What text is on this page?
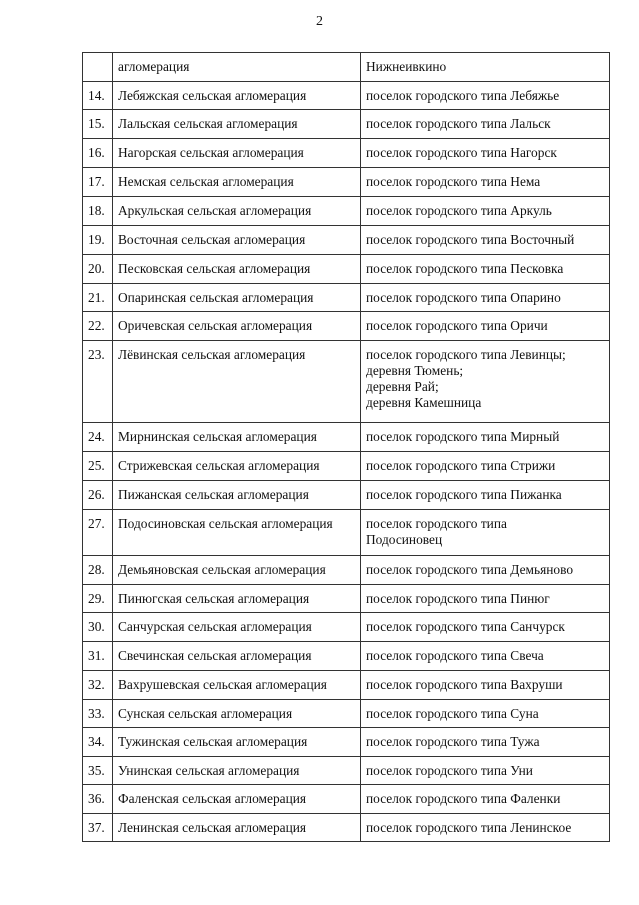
2
	агломерация	Нижнеивкино
14.	Лебяжская сельская агломерация	поселок городского типа Лебяжье

15.	Лальская сельская агломерация	поселок городского типа Лальск

16.	Нагорская сельская агломерация	поселок городского типа Нагорск

17.	Немская сельская агломерация	поселок городского типа Нема

18.	Аркульская сельская агломерация	поселок городского типа Аркуль

19.	Восточная сельская агломерация	поселок городского типа Восточный

20.	Песковская сельская агломерация	поселок городского типа Песковка

21.	Опаринская сельская агломерация	поселок городского типа Опарино

22.	Оричевская сельская агломерация	поселок городского типа Оричи

23.	Лёвинская сельская агломерация	поселок городского типа Левинцы;
деревня Тюмень;
деревня Рай;
деревня Камешница

24.	Мирнинская сельская агломерация	поселок городского типа Мирный

25.	Стрижевская сельская агломерация	поселок городского типа Стрижи

26.	Пижанская сельская агломерация	поселок городского типа Пижанка

27.	Подосиновская сельская агломерация	поселок городского типа
Подосиновец

28.	Демьяновская сельская агломерация	поселок городского типа Демьяново

29.	Пинюгская сельская агломерация	поселок городского типа Пинюг

30.	Санчурская сельская агломерация	поселок городского типа Санчурск

31.	Свечинская сельская агломерация	поселок городского типа Свеча

32.	Вахрушевская сельская агломерация	поселок городского типа Вахруши

33.	Сунская сельская агломерация	поселок городского типа Суна

34.	Тужинская сельская агломерация	поселок городского типа Тужа

35.	Унинская сельская агломерация	поселок городского типа Уни

36.	Фаленская сельская агломерация	поселок городского типа Фаленки

37.	Ленинская сельская агломерация	поселок городского типа Ленинское
